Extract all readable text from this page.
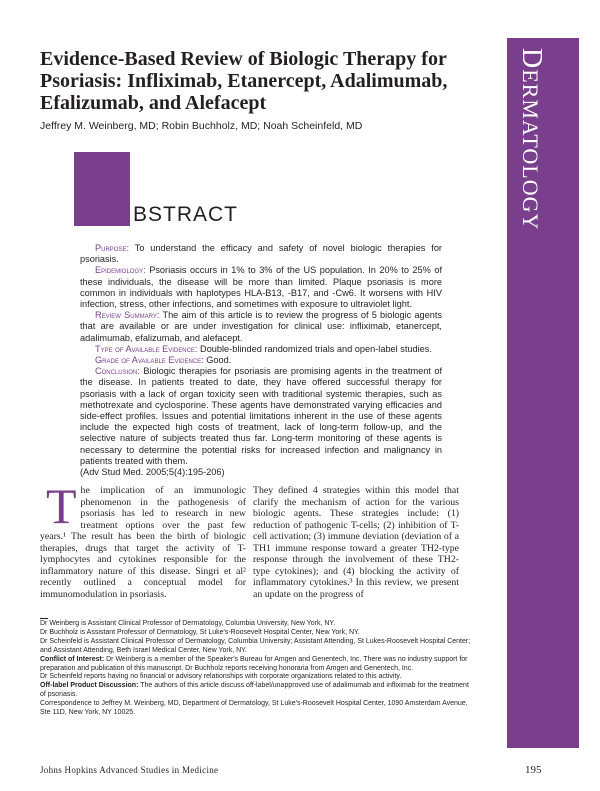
DERMATOLOGY
Evidence-Based Review of Biologic Therapy for Psoriasis: Infliximab, Etanercept, Adalimumab, Efalizumab, and Alefacept
Jeffrey M. Weinberg, MD; Robin Buchholz, MD; Noah Scheinfeld, MD
A BSTRACT

Purpose: To understand the efficacy and safety of novel biologic therapies for psoriasis.

Epidemiology: Psoriasis occurs in 1% to 3% of the US population. In 20% to 25% of these individuals, the disease will be more than limited. Plaque psoriasis is more common in individuals with haplotypes HLA-B13, -B17, and -Cw6. It worsens with HIV infection, stress, other infections, and sometimes with exposure to ultraviolet light.

Review Summary: The aim of this article is to review the progress of 5 biologic agents that are available or are under investigation for clinical use: infliximab, etanercept, adalimumab, efalizumab, and alefacept.

Type of Available Evidence: Double-blinded randomized trials and open-label studies.

Grade of Available Evidence: Good.

Conclusion: Biologic therapies for psoriasis are promising agents in the treatment of the disease. In patients treated to date, they have offered successful therapy for psoriasis with a lack of organ toxicity seen with traditional systemic therapies, such as methotrexate and cyclosporine. These agents have demonstrated varying efficacies and side-effect profiles. Issues and potential limitations inherent in the use of these agents include the expected high costs of treatment, lack of long-term follow-up, and the selective nature of subjects treated thus far. Long-term monitoring of these agents is necessary to determine the potential risks for increased infection and malignancy in patients treated with them.

(Adv Stud Med. 2005;5(4):195-206)

The implication of an immunologic phenomenon in the pathogenesis of psoriasis has led to research in new treatment options over the past few years.¹ The result has been the birth of biologic therapies, drugs that target the activity of T-lymphocytes and cytokines responsible for the inflammatory nature of this disease. Singri et al² recently outlined a conceptual model for immunomodulation in psoriasis.
They defined 4 strategies within this model that clarify the mechanism of action for the various biologic agents. These strategies include: (1) reduction of pathogenic T-cells; (2) inhibition of T-cell activation; (3) immune deviation (deviation of a TH1 immune response toward a greater TH2-type response through the involvement of these TH2-type cytokines); and (4) blocking the activity of inflammatory cytokines.³ In this review, we present an update on the progress of

Dr Weinberg is Assistant Clinical Professor of Dermatology, Columbia University, New York, NY.

Dr Buchholz is Assistant Professor of Dermatology, St Luke's-Roosevelt Hospital Center, New York, NY.

Dr Scheinfeld is Assistant Clinical Professor of Dermatology, Columbia University; Assistant Attending, St Lukes-Roosevelt Hospital Center; and Assistant Attending, Beth Israel Medical Center, New York, NY.

Conflict of Interest: Dr Weinberg is a member of the Speaker's Bureau for Amgen and Genentech, Inc. There was no industry support for preparation and publication of this manuscript. Dr Buchholz reports receiving honoraria from Amgen and Genentech, Inc.

Dr Scheinfeld reports having no financial or advisory relationships with corporate organizations related to this activity.

Off-label Product Discussion: The authors of this article discuss off-label/unapproved use of adalimumab and infliximab for the treatment of psoriasis.

Correspondence to Jeffrey M. Weinberg, MD, Department of Dermatology, St Luke's-Roosevelt Hospital Center, 1090 Amsterdam Avenue, Ste 11D, New York, NY 10025.

Johns Hopkins Advanced Studies in Medicine	195
